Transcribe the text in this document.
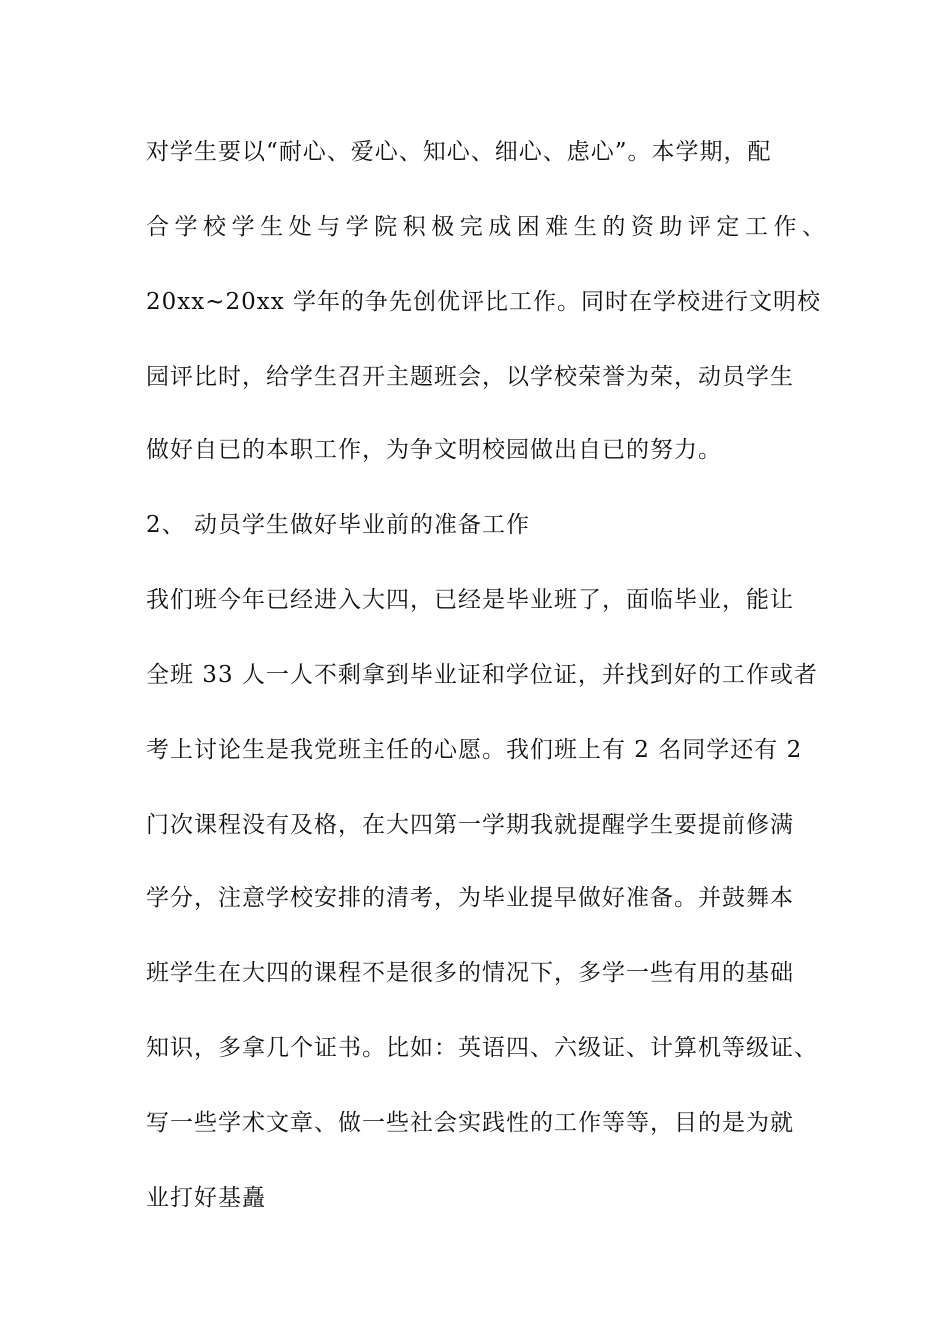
对学生要以“耐心、爱心、知心、细心、虑心”。本学期，配
合学校学生处与学院积极完成困难生的资助评定工作、
20xx~20xx 学年的争先创优评比工作。同时在学校进行文明校
园评比时，给学生召开主题班会，以学校荣誉为荣，动员学生
做好自已的本职工作，为争文明校园做出自已的努力。
2、 动员学生做好毕业前的准备工作
我们班今年已经进入大四，已经是毕业班了，面临毕业，能让
全班 33 人一人不剩拿到毕业证和学位证，并找到好的工作或者
考上讨论生是我党班主任的心愿。我们班上有 2 名同学还有 2
门次课程没有及格，在大四第一学期我就提醒学生要提前修满
学分，注意学校安排的清考，为毕业提早做好准备。并鼓舞本
班学生在大四的课程不是很多的情况下，多学一些有用的基础
知识，多拿几个证书。比如：英语四、六级证、计算机等级证、
写一些学术文章、做一些社会实践性的工作等等，目的是为就
业打好基矗
